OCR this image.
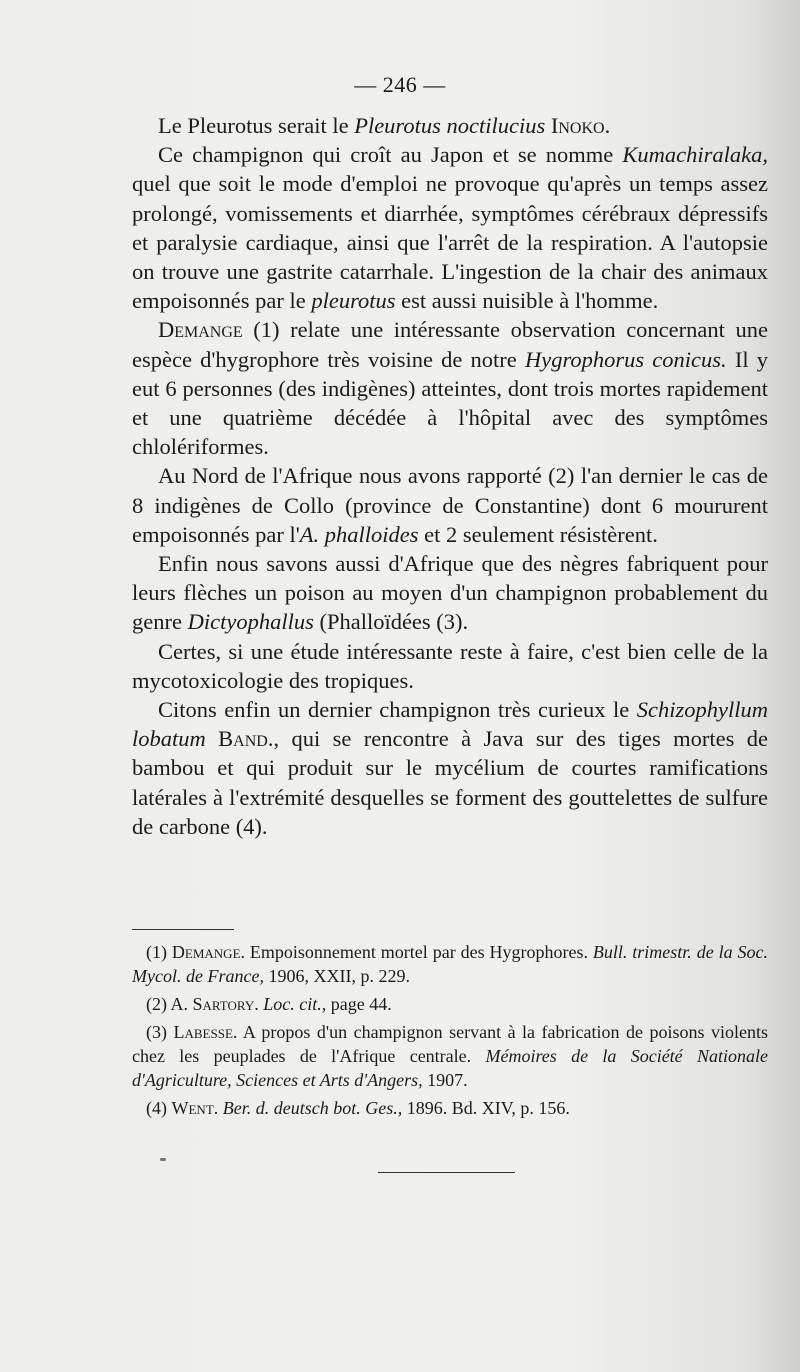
— 246 —

Le Pleurotus serait le Pleurotus noctilucius Inoko.

Ce champignon qui croît au Japon et se nomme Kumachiralaka, quel que soit le mode d'emploi ne provoque qu'après un temps assez prolongé, vomissements et diarrhée, symptômes cérébraux dépressifs et paralysie cardiaque, ainsi que l'arrêt de la respiration. A l'autopsie on trouve une gastrite catarrhale. L'ingestion de la chair des animaux empoisonnés par le pleurotus est aussi nuisible à l'homme.

Demange (1) relate une intéressante observation concernant une espèce d'hygrophore très voisine de notre Hygrophorus conicus. Il y eut 6 personnes (des indigènes) atteintes, dont trois mortes rapidement et une quatrième décédée à l'hôpital avec des symptômes chlolériformes.

Au Nord de l'Afrique nous avons rapporté (2) l'an dernier le cas de 8 indigènes de Collo (province de Constantine) dont 6 moururent empoisonnés par l'A. phalloides et 2 seulement résistèrent.

Enfin nous savons aussi d'Afrique que des nègres fabriquent pour leurs flèches un poison au moyen d'un champignon probablement du genre Dictyophallus (Phalloïdées (3).

Certes, si une étude intéressante reste à faire, c'est bien celle de la mycotoxicologie des tropiques.

Citons enfin un dernier champignon très curieux le Schizophyllum lobatum Band., qui se rencontre à Java sur des tiges mortes de bambou et qui produit sur le mycélium de courtes ramifications latérales à l'extrémité desquelles se forment des gouttelettes de sulfure de carbone (4).

(1) Demange. Empoisonnement mortel par des Hygrophores. Bull. trimestr. de la Soc. Mycol. de France, 1906, XXII, p. 229.

(2) A. Sartory. Loc. cit., page 44.

(3) Labesse. A propos d'un champignon servant à la fabrication de poisons violents chez les peuplades de l'Afrique centrale. Mémoires de la Société Nationale d'Agriculture, Sciences et Arts d'Angers, 1907.

(4) Went. Ber. d. deutsch bot. Ges., 1896. Bd. XIV, p. 156.
